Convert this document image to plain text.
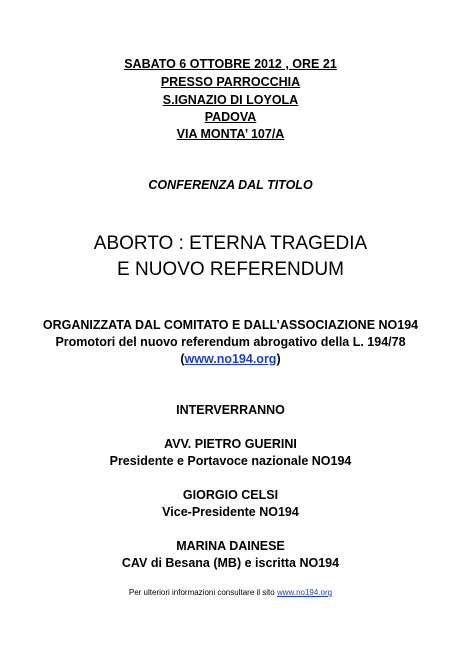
SABATO 6 OTTOBRE 2012 , ORE 21
PRESSO PARROCCHIA
S.IGNAZIO DI LOYOLA
PADOVA
VIA MONTA’ 107/A
CONFERENZA DAL TITOLO
ABORTO : ETERNA TRAGEDIA
E NUOVO REFERENDUM
ORGANIZZATA DAL COMITATO E DALL’ASSOCIAZIONE NO194
Promotori del nuovo referendum abrogativo della L. 194/78
(www.no194.org)
INTERVERRANNO
AVV. PIETRO GUERINI
Presidente e Portavoce nazionale NO194
GIORGIO CELSI
Vice-Presidente NO194
MARINA DAINESE
CAV di Besana (MB) e iscritta NO194
Per ulteriori informazioni consultare il sito www.no194.org
